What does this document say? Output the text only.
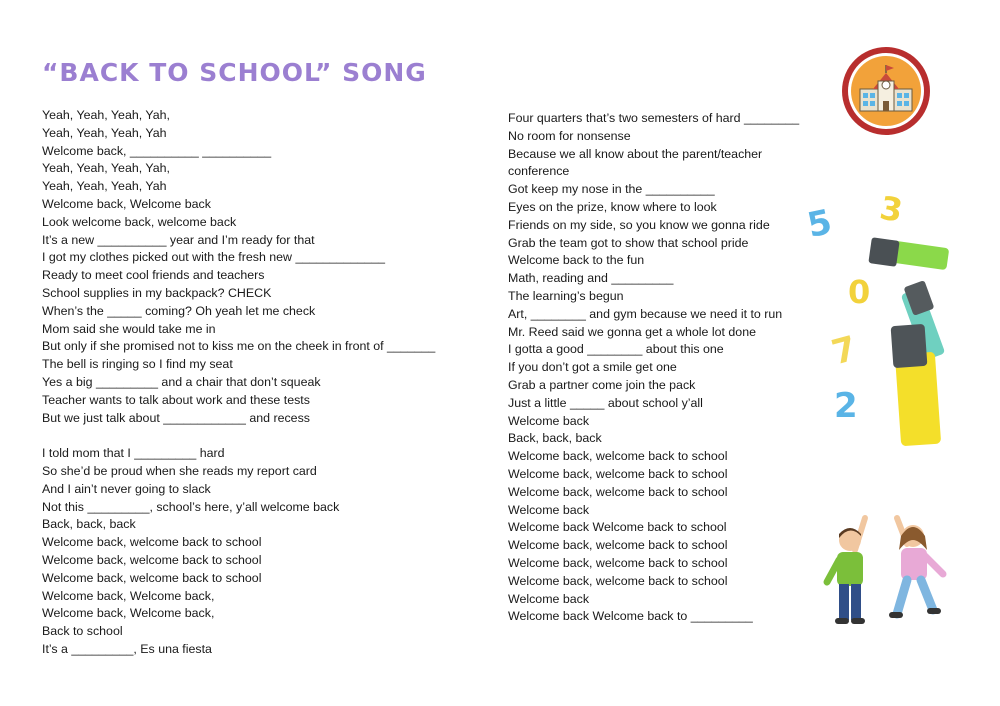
“BACK TO SCHOOL” SONG
Yeah, Yeah, Yeah, Yah,
Yeah, Yeah, Yeah, Yah
Welcome back, __________ __________
Yeah, Yeah, Yeah, Yah,
Yeah, Yeah, Yeah, Yah
Welcome back, Welcome back
Look welcome back, welcome back
It’s a new __________ year and I’m ready for that
I got my clothes picked out with the fresh new _____________
Ready to meet cool friends and teachers
School supplies in my backpack? CHECK
When’s the _____ coming? Oh yeah let me check
Mom said she would take me in
But only if she promised not to kiss me on the cheek in front of _______
The bell is ringing so I find my seat
Yes a big _________ and a chair that don’t squeak
Teacher wants to talk about work and these tests
But we just talk about ____________ and recess
I told mom that I _________ hard
So she’d be proud when she reads my report card
And I ain’t never going to slack
Not this _________, school’s here, y’all welcome back
Back, back, back
Welcome back, welcome back to school
Welcome back, welcome back to school
Welcome back, welcome back to school
Welcome back, Welcome back,
Welcome back, Welcome back,
Back to school
It’s a _________, Es una fiesta
Four quarters that’s two semesters of hard ________
No room for nonsense
Because we all know about the parent/teacher conference
Got keep my nose in the __________
Eyes on the prize, know where to look
Friends on my side, so you know we gonna ride
Grab the team got to show that school pride
Welcome back to the fun
Math, reading and _________
The learning’s begun
Art, ________ and gym because we need it to run
Mr. Reed said we gonna get a whole lot done
I gotta a good ________ about this one
If you don’t got a smile get one
Grab a partner come join the pack
Just a little _____ about school y’all
Welcome back
Back, back, back
Welcome back, welcome back to school
Welcome back, welcome back to school
Welcome back, welcome back to school
Welcome back
Welcome back Welcome back to school
Welcome back, welcome back to school
Welcome back, welcome back to school
Welcome back, welcome back to school
Welcome back
Welcome back Welcome back to _________
5 3
0
7
2
